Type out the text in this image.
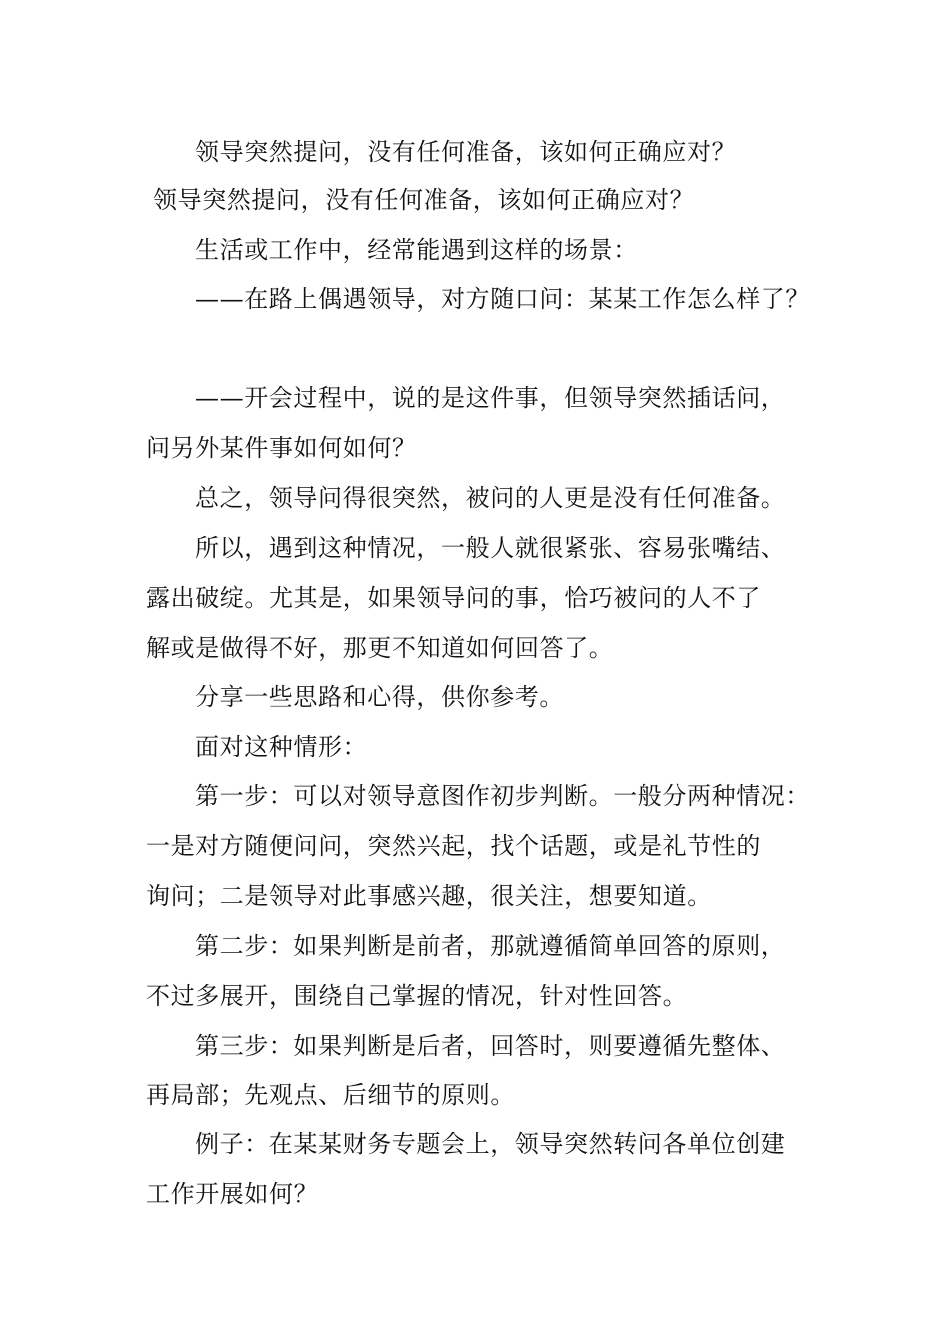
领导突然提问，没有任何准备，该如何正确应对？

领导突然提问，没有任何准备，该如何正确应对？

生活或工作中，经常能遇到这样的场景：

——在路上偶遇领导，对方随口问：某某工作怎么样了？

——开会过程中，说的是这件事，但领导突然插话问，

问另外某件事如何如何？

总之，领导问得很突然，被问的人更是没有任何准备。

所以，遇到这种情况，一般人就很紧张、容易张嘴结、

露出破绽。尤其是，如果领导问的事，恰巧被问的人不了

解或是做得不好，那更不知道如何回答了。

分享一些思路和心得，供你参考。

面对这种情形：

第一步：可以对领导意图作初步判断。一般分两种情况：

一是对方随便问问，突然兴起，找个话题，或是礼节性的

询问；二是领导对此事感兴趣，很关注，想要知道。

第二步：如果判断是前者，那就遵循简单回答的原则，

不过多展开，围绕自己掌握的情况，针对性回答。

第三步：如果判断是后者，回答时，则要遵循先整体、

再局部；先观点、后细节的原则。

例子：在某某财务专题会上，领导突然转问各单位创建

工作开展如何？
